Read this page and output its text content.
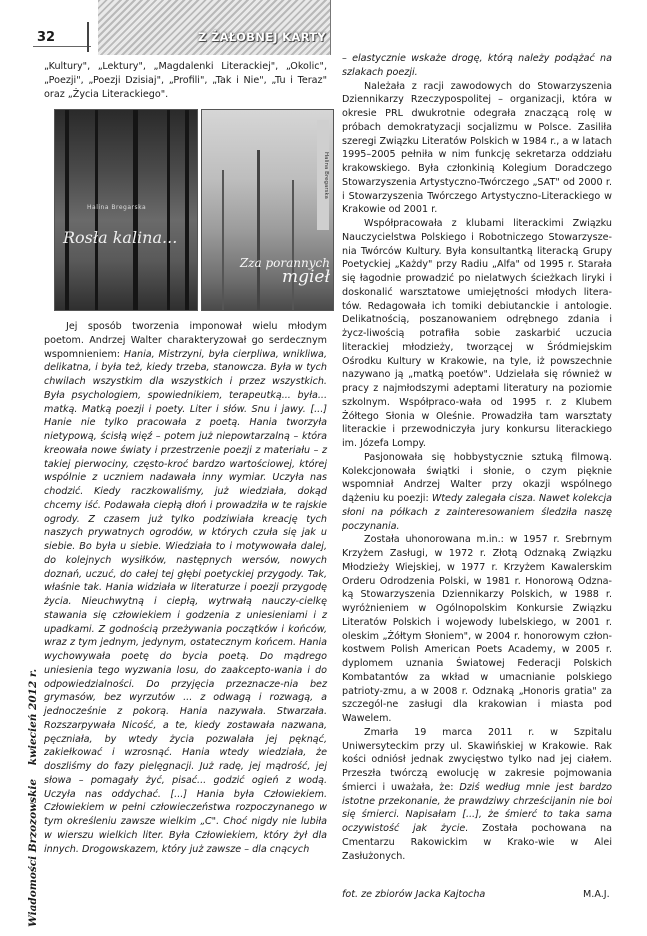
32	Z ŻAŁOBNEJ KARTY
Wiadomości Brzozowskie kwiecień 2012 r.

„Kultury", „Lektury", „Magdalenki Literackiej", „Okolic", „Poezji", „Poezji Dzisiaj", „Profili", „Tak i Nie", „Tu i Teraz" oraz „Życia Literackiego".

Halina Bregarska
Rosła kalina...
Halina Bregarska
Zza porannych
mgieł

Jej sposób tworzenia imponował wielu młodym poetom. Andrzej Walter charakteryzował go serdecznym wspomnieniem: Hania, Mistrzyni, była cierpliwa, wnikliwa, delikatna, i była też, kiedy trzeba, stanowcza. Była w tych chwilach wszystkim dla wszystkich i przez wszystkich. Była psychologiem, spowiednikiem, terapeutką... była... matką. Matką poezji i poety. Liter i słów. Snu i jawy. [...] Hanie nie tylko pracowała z poetą. Hania tworzyła nietypową, ścisłą więź – potem już niepowtarzalną – która kreowała nowe światy i przestrzenie poezji z materiału – z takiej pierwociny, często-kroć bardzo wartościowej, której wspólnie z uczniem nadawała inny wymiar. Uczyła nas chodzić. Kiedy raczkowaliśmy, już wiedziała, dokąd chcemy iść. Podawała ciepłą dłoń i prowadziła w te rajskie ogrody. Z czasem już tylko podziwiała kreację tych naszych prywatnych ogrodów, w których czuła się jak u siebie. Bo była u siebie. Wiedziała to i motywowała dalej, do kolejnych wysiłków, następnych wersów, nowych doznań, uczuć, do całej tej głębi poetyckiej przygody. Tak, właśnie tak. Hania widziała w literaturze i poezji przygodę życia. Nieuchwytną i ciepłą, wytrwałą nauczy-cielkę stawania się człowiekiem i godzenia z uniesieniami i z upadkami. Z godnością przeżywania początków i końców, wraz z tym jednym, jedynym, ostatecznym końcem. Hania wychowywała poetę do bycia poetą. Do mądrego uniesienia tego wyzwania losu, do zaakcepto-wania i do odpowiedzialności. Do przyjęcia przeznacze-nia bez grymasów, bez wyrzutów ... z odwagą i rozwagą, a jednocześnie z pokorą. Hania nazywała. Stwarzała. Rozszarpywała Nicość, a te, kiedy zostawała nazwana, pęczniała, by wtedy życia pozwalała jej pęknąć, zakiełkować i wzrosnąć. Hania wtedy wiedziała, że doszliśmy do fazy pielęgnacji. Już radę, jej mądrość, jej słowa – pomagały żyć, pisać... godzić ogień z wodą. Uczyła nas oddychać. [...] Hania była Człowiekiem. Człowiekiem w pełni człowieczeństwa rozpoczynanego w tym określeniu zawsze wielkim „C". Choć nigdy nie lubiła w wierszu wielkich liter. Była Człowiekiem, który żył dla innych. Drogowskazem, który już zawsze – dla cnących

– elastycznie wskaże drogę, którą należy podążać na szlakach poezji.

Należała z racji zawodowych do Stowarzyszenia Dziennikarzy Rzeczypospolitej – organizacji, która w okresie PRL dwukrotnie odegrała znaczącą rolę w próbach demokratyzacji socjalizmu w Polsce. Zasiliła szeregi Związku Literatów Polskich w 1984 r., a w latach 1995–2005 pełniła w nim funkcję sekretarza oddziału krakowskiego. Była członkinią Kolegium Doradczego Stowarzyszenia Artystyczno-Twórczego „SAT" od 2000 r. i Stowarzyszenia Twórczego Artystyczno-Literackiego w Krakowie od 2001 r.

Współpracowała z klubami literackimi Związku Nauczycielstwa Polskiego i Robotniczego Stowarzysze-nia Twórców Kultury. Była konsultantką literacką Grupy Poetyckiej „Każdy" przy Radiu „Alfa" od 1995 r. Starała się łagodnie prowadzić po nielatwych ścieżkach liryki i doskonalić warsztatowe umiejętności młodych litera-tów. Redagowała ich tomiki debiutanckie i antologie. Delikatnością, poszanowaniem odrębnego zdania i życz-liwością potrafiła sobie zaskarbić uczucia literackiej młodzieży, tworzącej w Śródmiejskim Ośrodku Kultury w Krakowie, na tyle, iż powszechnie nazywano ją „matką poetów". Udzielała się również w pracy z najmłodszymi adeptami literatury na poziomie szkolnym. Współpraco-wała od 1995 r. z Klubem Żółtego Słonia w Oleśnie. Prowadziła tam warsztaty literackie i przewodniczyła jury konkursu literackiego im. Józefa Lompy.

Pasjonowała się hobbystycznie sztuką filmową. Kolekcjonowała świątki i słonie, o czym pięknie wspomniał Andrzej Walter przy okazji wspólnego dążeniu ku poezji: Wtedy zalegała cisza. Nawet kolekcja słoni na półkach z zainteresowaniem śledziła naszę poczynania.

Została uhonorowana m.in.: w 1957 r. Srebrnym Krzyżem Zasługi, w 1972 r. Złotą Odznaką Związku Młodzieży Wiejskiej, w 1977 r. Krzyżem Kawalerskim Orderu Odrodzenia Polski, w 1981 r. Honorową Odzna-ką Stowarzyszenia Dziennikarzy Polskich, w 1988 r. wyróżnieniem w Ogólnopolskim Konkursie Związku Literatów Polskich i wojewody lubelskiego, w 2001 r. oleskim „Żółtym Słoniem", w 2004 r. honorowym człon-kostwem Polish American Poets Academy, w 2005 r. dyplomem uznania Światowej Federacji Polskich Kombatantów za wkład w umacnianie polskiego patrioty-zmu, a w 2008 r. Odznaką „Honoris gratia" za szczegól-ne zasługi dla krakowian i miasta pod Wawelem.

Zmarła 19 marca 2011 r. w Szpitalu Uniwersyteckim przy ul. Skawińskiej w Krakowie. Rak kości odniósł jednak zwycięstwo tylko nad jej ciałem. Przeszła twórczą ewolucję w zakresie pojmowania śmierci i uważała, że: Dziś według mnie jest bardzo istotne przekonanie, że prawdziwy chrześcijanin nie boi się śmierci. Napisałam [...], że śmierć to taka sama oczywistość jak życie. Została pochowana na Cmentarzu Rakowickim w Krako-wie w Alei Zasłużonych.

fot. ze zbiorów Jacka Kajtocha	M.A.J.
